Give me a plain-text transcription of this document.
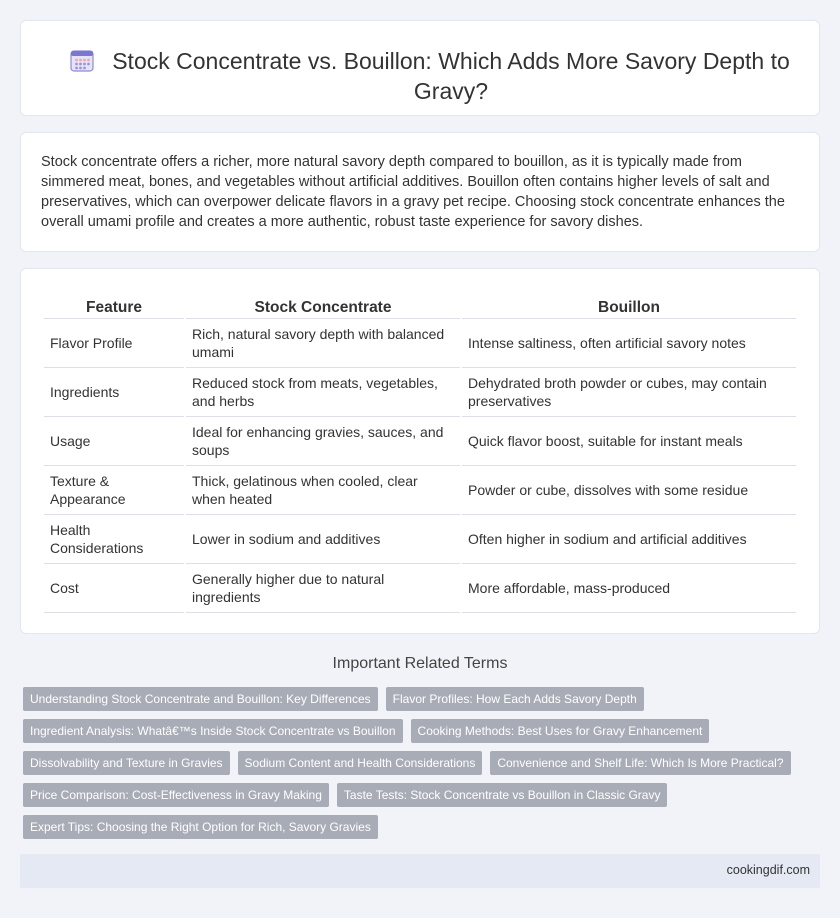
Stock Concentrate vs. Bouillon: Which Adds More Savory Depth to Gravy?

Stock concentrate offers a richer, more natural savory depth compared to bouillon, as it is typically made from simmered meat, bones, and vegetables without artificial additives. Bouillon often contains higher levels of salt and preservatives, which can overpower delicate flavors in a gravy pet recipe. Choosing stock concentrate enhances the overall umami profile and creates a more authentic, robust taste experience for savory dishes.

Feature	Stock Concentrate	Bouillon
Flavor Profile	Rich, natural savory depth with balanced umami	Intense saltiness, often artificial savory notes
Ingredients	Reduced stock from meats, vegetables, and herbs	Dehydrated broth powder or cubes, may contain preservatives
Usage	Ideal for enhancing gravies, sauces, and soups	Quick flavor boost, suitable for instant meals
Texture & Appearance	Thick, gelatinous when cooled, clear when heated	Powder or cube, dissolves with some residue
Health Considerations	Lower in sodium and additives	Often higher in sodium and artificial additives
Cost	Generally higher due to natural ingredients	More affordable, mass-produced
Important Related Terms
Understanding Stock Concentrate and Bouillon: Key Differences	Flavor Profiles: How Each Adds Savory Depth
Ingredient Analysis: Whatâ€™s Inside Stock Concentrate vs Bouillon	Cooking Methods: Best Uses for Gravy Enhancement
Dissolvability and Texture in Gravies	Sodium Content and Health Considerations	Convenience and Shelf Life: Which Is More Practical?
Price Comparison: Cost-Effectiveness in Gravy Making	Taste Tests: Stock Concentrate vs Bouillon in Classic Gravy
Expert Tips: Choosing the Right Option for Rich, Savory Gravies
cookingdif.com
